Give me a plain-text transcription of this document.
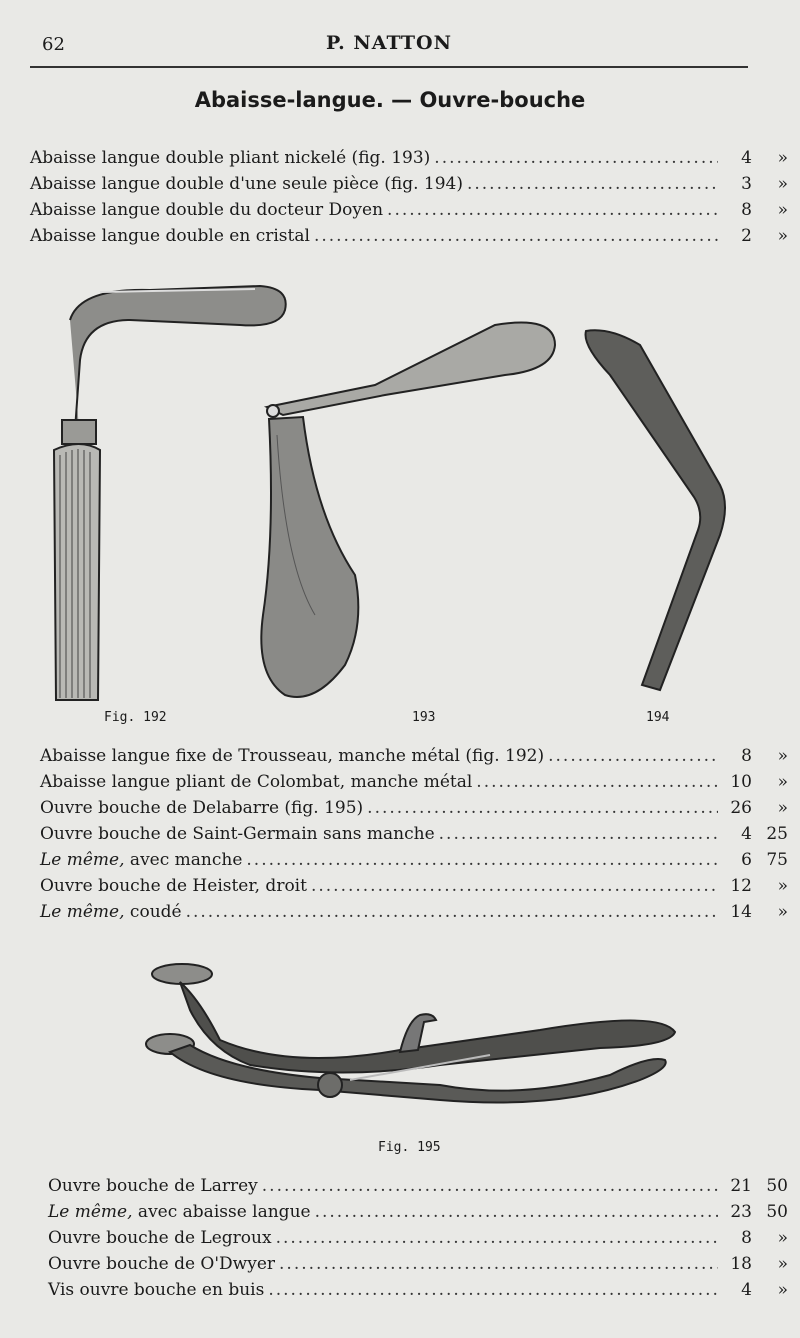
62	P. NATTON
Abaisse-langue. — Ouvre-bouche
Abaisse langue double pliant nickelé (fig. 193) .....	4 »
Abaisse langue double d'une seule pièce (fig. 194) .....	3 »
Abaisse langue double du docteur Doyen .....	8 »
Abaisse langue double en cristal .....	2 »
Fig. 192	193	194
Abaisse langue fixe de Trousseau, manche métal (fig. 192) .....	8 »
Abaisse langue pliant de Colombat, manche métal .....	10 »
Ouvre bouche de Delabarre (fig. 195) .....	26 »
Ouvre bouche de Saint-Germain sans manche .....	4 25
Le même, avec manche .....	6 75
Ouvre bouche de Heister, droit .....	12 »
Le même, coudé .....	14 »
Fig. 195
Ouvre bouche de Larrey .....	21 50
Le même, avec abaisse langue .....	23 50
Ouvre bouche de Legroux .....	8 »
Ouvre bouche de O'Dwyer .....	18 »
Vis ouvre bouche en buis .....	4 »
